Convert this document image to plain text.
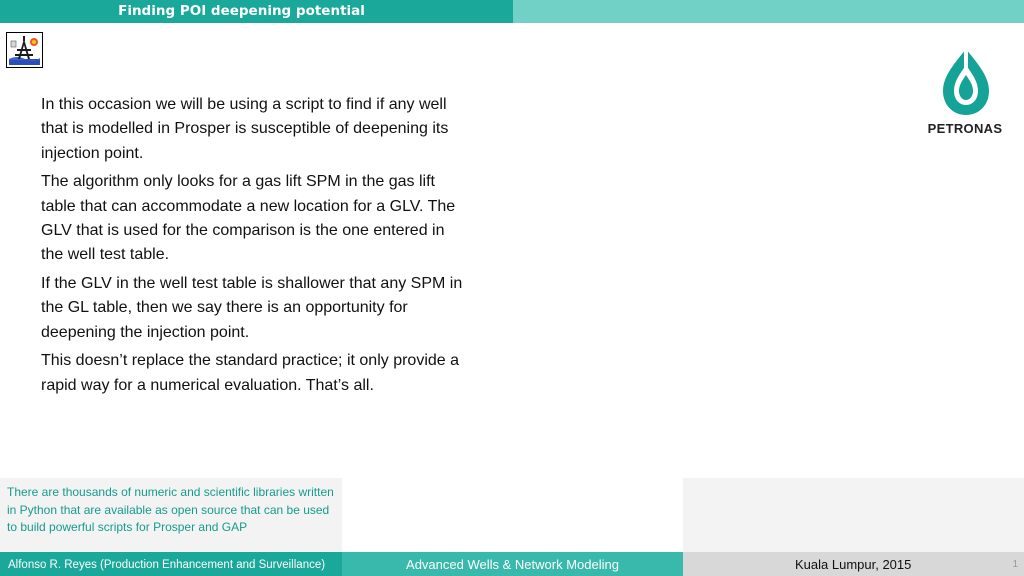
Finding POI deepening potential
PETRONAS

In this occasion we will be using a script to find if any well that is modelled in Prosper is susceptible of deepening its injection point.

The algorithm only looks for a gas lift SPM in the gas lift table that can accommodate a new location for a GLV. The GLV that is used for the comparison is the one entered in the well test table.

If the GLV in the well test table is shallower that any SPM in the GL table, then we say there is an opportunity for deepening the injection point.

This doesn’t replace the standard practice; it only provide a rapid way for a numerical evaluation. That’s all.

There are thousands of numeric and scientific libraries written in Python that are available as open source that can be used to build powerful scripts for Prosper and GAP
Alfonso R. Reyes (Production Enhancement and Surveillance)	Advanced Wells & Network Modeling	Kuala Lumpur, 2015	1
